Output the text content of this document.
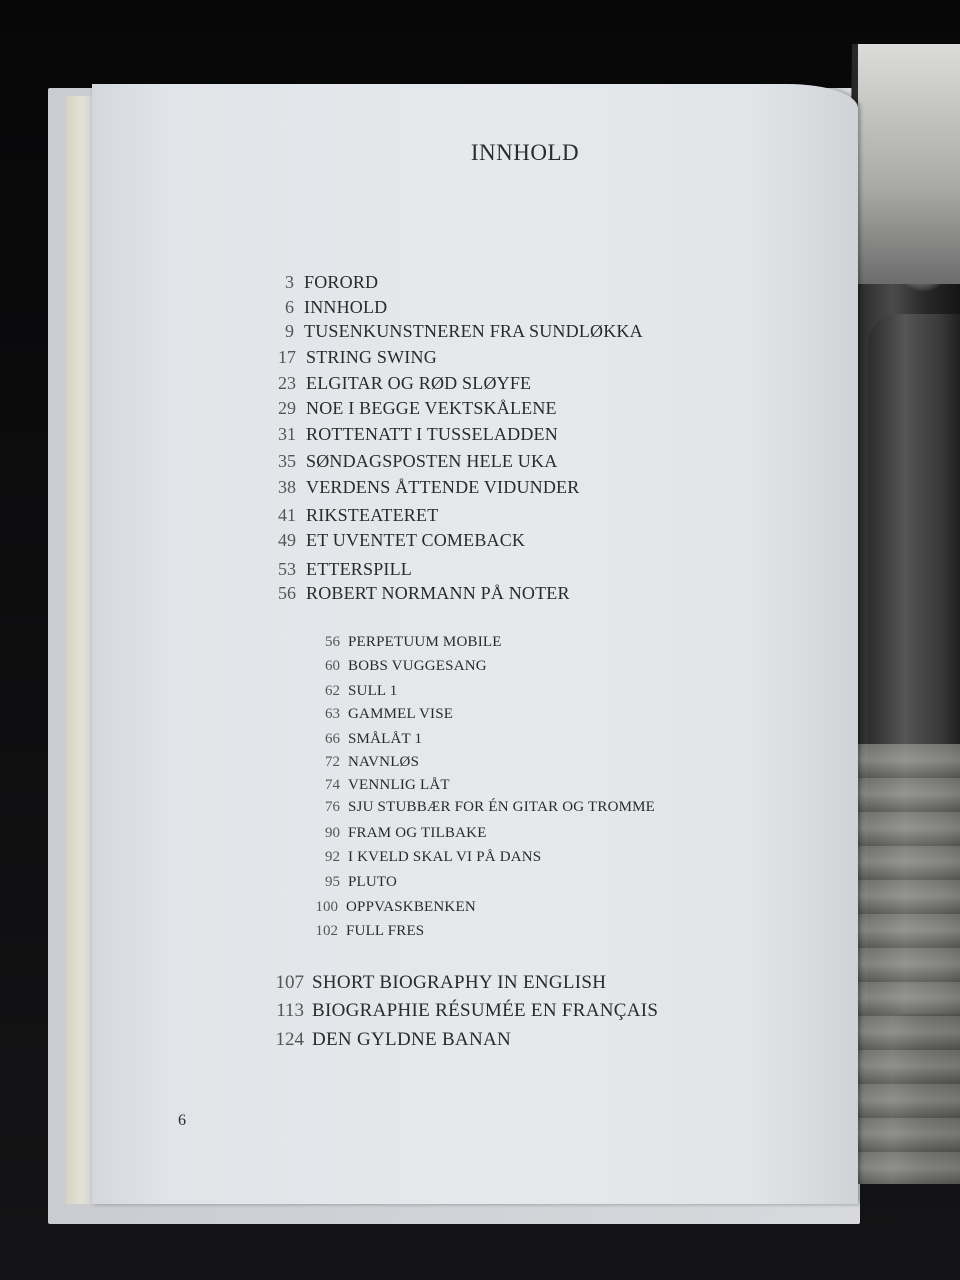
INNHOLD
3 FORORD
6 INNHOLD
9 TUSENKUNSTNEREN FRA SUNDLØKKA
17 STRING SWING
23 ELGITAR OG RØD SLØYFE
29 NOE I BEGGE VEKTSKÅLENE
31 ROTTENATT I TUSSELADDEN
35 SØNDAGSPOSTEN HELE UKA
38 VERDENS ÅTTENDE VIDUNDER
41 RIKSTEATERET
49 ET UVENTET COMEBACK
53 ETTERSPILL
56 ROBERT NORMANN PÅ NOTER
56 PERPETUUM MOBILE
60 BOBS VUGGESANG
62 SULL 1
63 GAMMEL VISE
66 SMÅLÅT 1
72 NAVNLØS
74 VENNLIG LÅT
76 SJU STUBBÆR FOR ÉN GITAR OG TROMME
90 FRAM OG TILBAKE
92 I KVELD SKAL VI PÅ DANS
95 PLUTO
100 OPPVASKBENKEN
102 FULL FRES
107 SHORT BIOGRAPHY IN ENGLISH
113 BIOGRAPHIE RÉSUMÉE EN FRANÇAIS
124 DEN GYLDNE BANAN
6
